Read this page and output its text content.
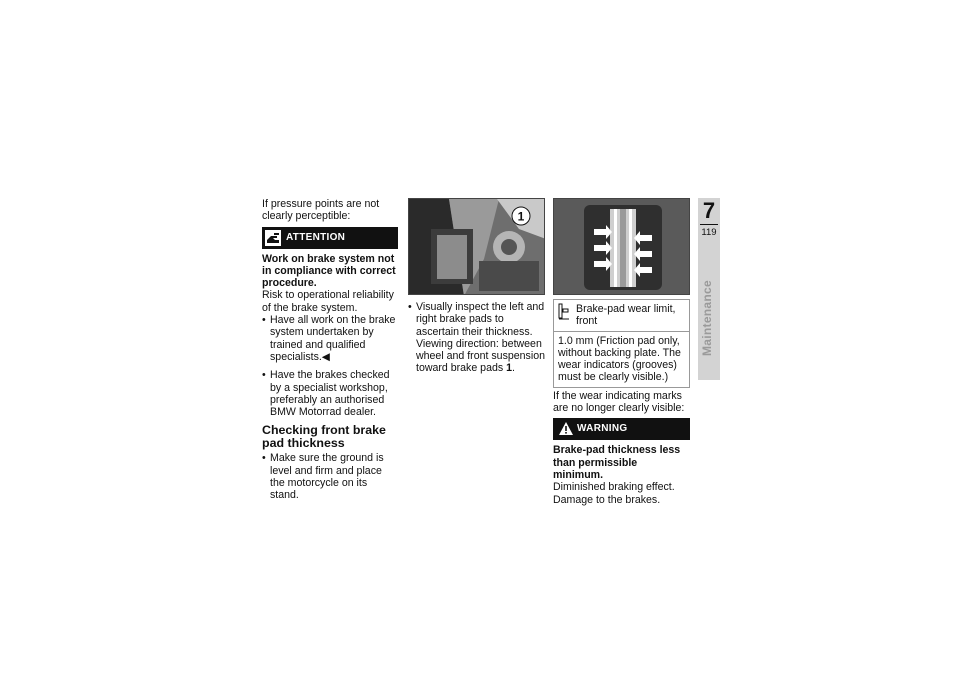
If pressure points are not clearly perceptible:

ATTENTION

Work on brake system not in compliance with correct procedure.

Risk to operational reliability of the brake system.

• Have all work on the brake system undertaken by trained and qualified specialists.◀
• Have the brakes checked by a specialist workshop, preferably an authorised BMW Motorrad dealer.
Checking front brake pad thickness
• Make sure the ground is level and firm and place the motorcycle on its stand.
1
• Visually inspect the left and right brake pads to ascertain their thickness. Viewing direction: between wheel and front suspension toward brake pads 1.
Brake-pad wear limit, front
1.0 mm (Friction pad only, without backing plate. The wear indicators (grooves) must be clearly visible.)

If the wear indicating marks are no longer clearly visible:

WARNING

Brake-pad thickness less than permissible minimum.

Diminished braking effect. Damage to the brakes.

7
119
Maintenance
